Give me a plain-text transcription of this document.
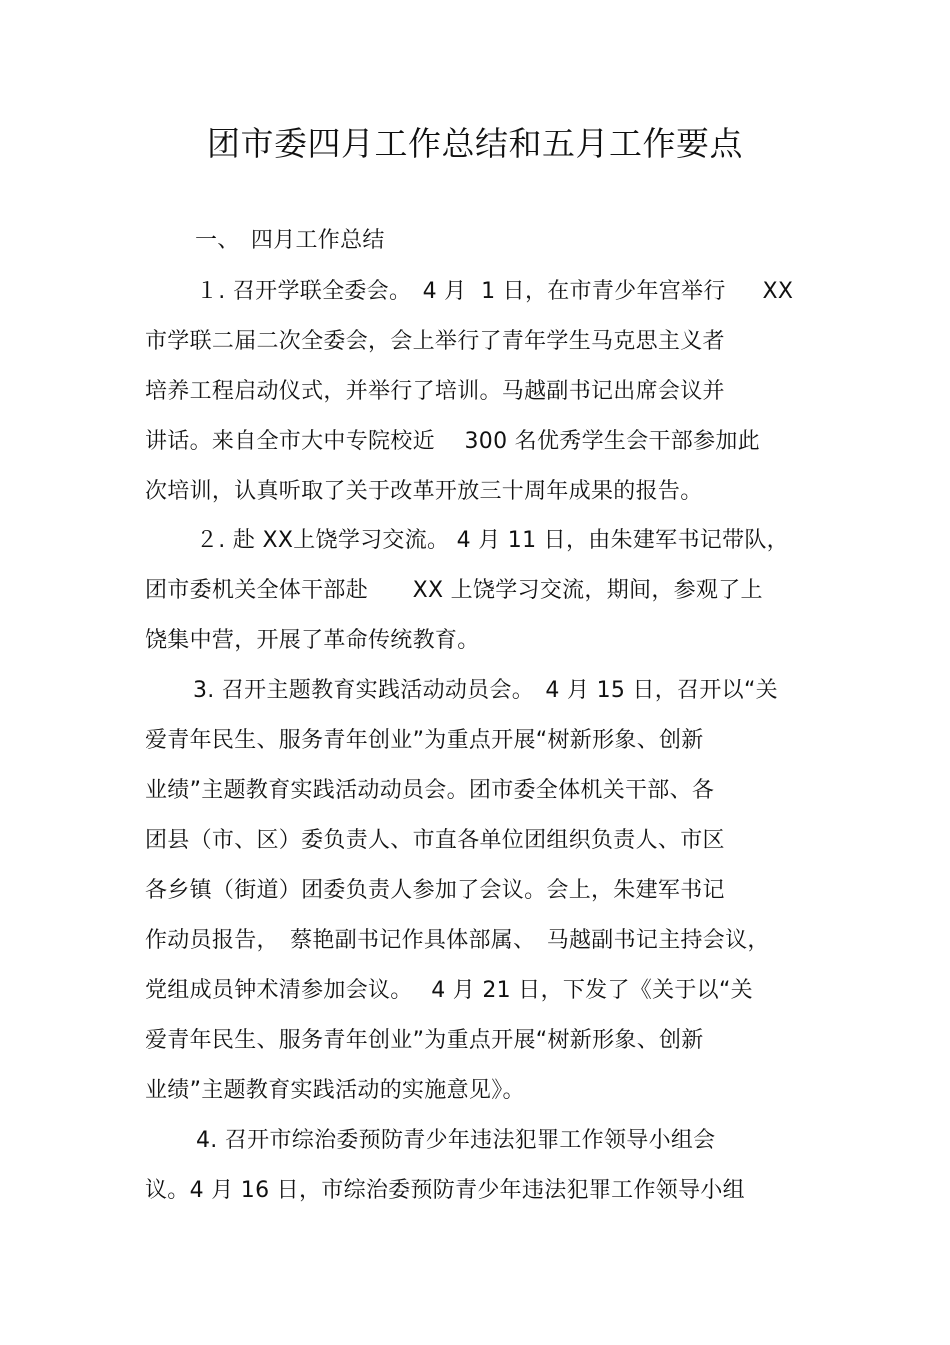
团市委四月工作总结和五月工作要点
一、　四月工作总结
１. 召开学联全委会。　4 月  1 日，在市青少年宫举行　  XX
市学联二届二次全委会，会上举行了青年学生马克思主义者
培养工程启动仪式，并举行了培训。马越副书记出席会议并
讲话。来自全市大中专院校近　 300 名优秀学生会干部参加此
次培训，认真听取了关于改革开放三十周年成果的报告。
２. 赴 XX上饶学习交流。 4 月 11 日，由朱建军书记带队，
团市委机关全体干部赴　　XX 上饶学习交流，期间，参观了上
饶集中营，开展了革命传统教育。
3. 召开主题教育实践活动动员会。　4 月 15 日，召开以“关
爱青年民生、服务青年创业”为重点开展“树新形象、创新
业绩”主题教育实践活动动员会。团市委全体机关干部、各
团县（市、区）委负责人、市直各单位团组织负责人、市区
各乡镇（街道）团委负责人参加了会议。会上，朱建军书记
作动员报告，　蔡艳副书记作具体部属、　马越副书记主持会议，
党组成员钟术清参加会议。　 4 月 21 日，下发了《关于以“关
爱青年民生、服务青年创业”为重点开展“树新形象、创新
业绩”主题教育实践活动的实施意见》。
4. 召开市综治委预防青少年违法犯罪工作领导小组会
议。4 月 16 日，市综治委预防青少年违法犯罪工作领导小组
